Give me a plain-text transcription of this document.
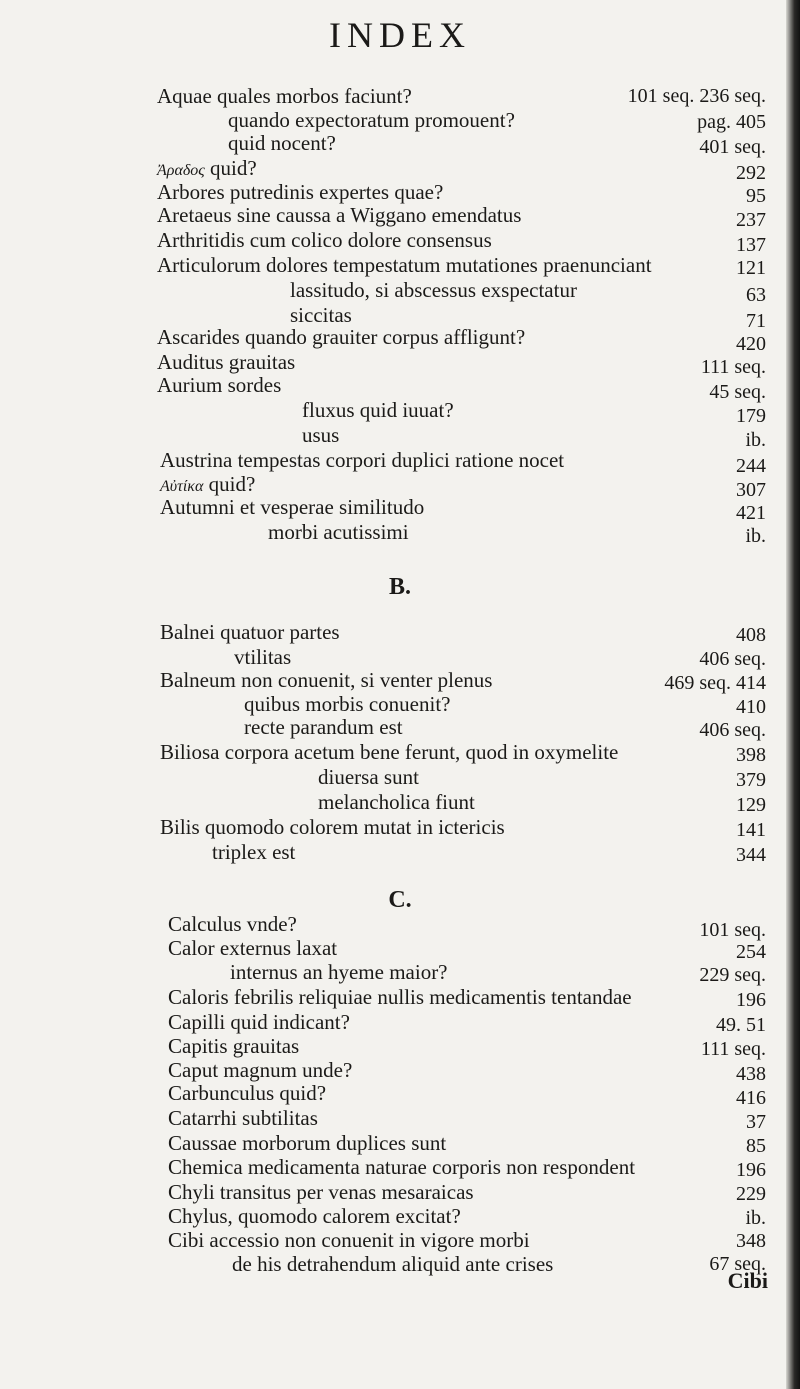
INDEX
Aquae quales morbos faciunt?	101 seq. 236 seq.
quando expectoratum promouent?	pag. 405
quid nocent?	401 seq.
Ἀραδος quid?	292
Arbores putredinis expertes quae?	95
Aretaeus sine caussa a Wiggano emendatus	237
Arthritidis cum colico dolore consensus	137
Articulorum dolores tempestatum mutationes praenunciant	121
lassitudo, si abscessus exspectatur	63
siccitas	71
Ascarides quando grauiter corpus affligunt?	420
Auditus grauitas	111 seq.
Aurium sordes	45 seq.
fluxus quid iuuat?	179
usus	ib.
Austrina tempestas corpori duplici ratione nocet	244
Αὐτίκα quid?	307
Autumni et vesperae similitudo	421
morbi acutissimi	ib.
B.
Balnei quatuor partes	408
vtilitas	406 seq.
Balneum non conuenit, si venter plenus	469 seq. 414
quibus morbis conuenit?	410
recte parandum est	406 seq.
Biliosa corpora acetum bene ferunt, quod in oxymelite	398
diuersa sunt	379
melancholica fiunt	129
Bilis quomodo colorem mutat in ictericis	141
triplex est	344
C.
Calculus vnde?	101 seq.
Calor externus laxat	254
internus an hyeme maior?	229 seq.
Caloris febrilis reliquiae nullis medicamentis tentandae	196
Capilli quid indicant?	49. 51
Capitis grauitas	111 seq.
Caput magnum unde?	438
Carbunculus quid?	416
Catarrhi subtilitas	37
Caussae morborum duplices sunt	85
Chemica medicamenta naturae corporis non respondent	196
Chyli transitus per venas mesaraicas	229
Chylus, quomodo calorem excitat?	ib.
Cibi accessio non conuenit in vigore morbi	348
de his detrahendum aliquid ante crises	67 seq.
Cibi
